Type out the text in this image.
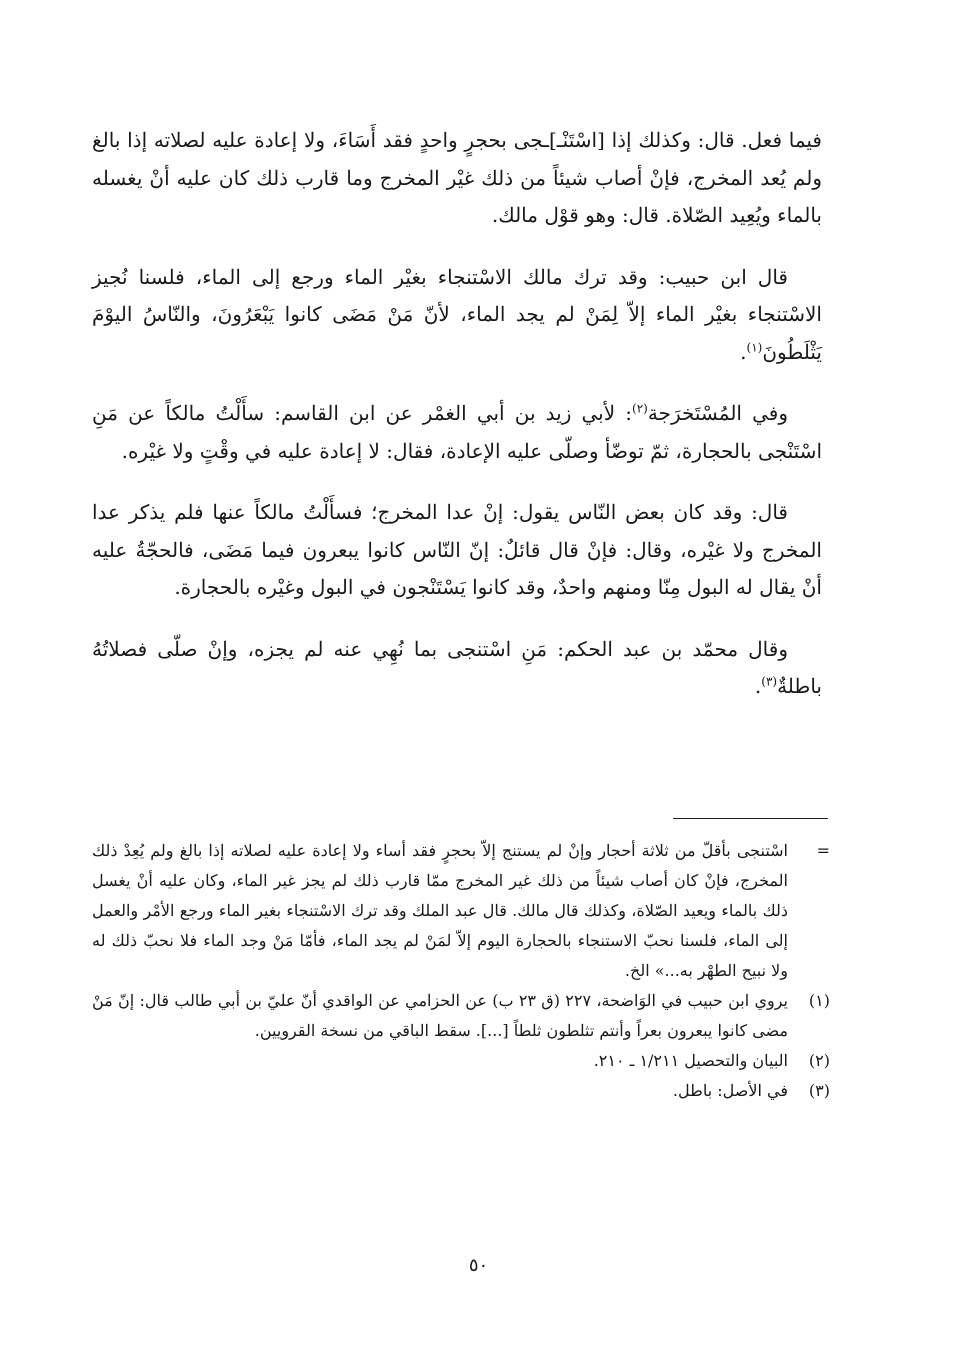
فيما فعل. قال: وكذلك إذا [اسْتَنْـ]ـجى بحجرٍ واحدٍ فقد أَسَاءَ، ولا إعادة عليه لصلاته إذا بالغ ولم يُعد المخرج، فإنْ أصاب شيئاً من ذلك غيْر المخرج وما قارب ذلك كان عليه أنْ يغسله بالماء ويُعِيد الصّلاة. قال: وهو قوْل مالك.

قال ابن حبيب: وقد ترك مالك الاسْتنجاء بغيْر الماء ورجع إلى الماء، فلسنا نُجيز الاسْتنجاء بغيْر الماء إلاّ لِمَنْ لم يجد الماء، لأنّ مَنْ مَضَى كانوا يَبْعَرُونَ، والنّاسُ اليوْمَ يَثْلَطُونَ$^{(١)}$.

وفي المُسْتَخرَجة$^{(٢)}$: لأبي زيد بن أبي الغمْر عن ابن القاسم: سأَلْتُ مالكاً عن مَنِ اسْتَنْجى بالحجارة، ثمّ توضّأ وصلّى عليه الإعادة، فقال: لا إعادة عليه في وقْتٍ ولا غيْره.

قال: وقد كان بعض النّاس يقول: إنْ عدا المخرج؛ فسأَلْتُ مالكاً عنها فلم يذكر عدا المخرج ولا غيْره، وقال: فإنْ قال قائلٌ: إنّ النّاس كانوا يبعرون فيما مَضَى، فالحجّةُ عليه أنْ يقال له البول مِنّا ومنهم واحدٌ، وقد كانوا يَسْتَنْجون في البول وغيْره بالحجارة.

وقال محمّد بن عبد الحكم: مَنِ اسْتنجى بما نُهِي عنه لم يجزه، وإنْ صلّى فصلاتُهُ باطلةٌ$^{(٣)}$.

=
اسْتنجى بأقلّ من ثلاثة أحجار وإنْ لم يستنج إلاّ بحجرٍ فقد أساء ولا إعادة عليه لصلاته إذا بالغ ولم يُعِدْ ذلك المخرج، فإنْ كان أصاب شيئاً من ذلك غير المخرج ممّا قارب ذلك لم يجز غير الماء، وكان عليه أنْ يغسل ذلك بالماء ويعيد الصّلاة، وكذلك قال مالك. قال عبد الملك وقد ترك الاسْتنجاء بغير الماء ورجع الأمْر والعمل إلى الماء، فلسنا نحبّ الاستنجاء بالحجارة اليوم إلاّ لمَنْ لم يجد الماء، فأمّا مَنْ وجد الماء فلا نحبّ ذلك له ولا نبيح الطهْر به...» الخ.
(١)
يروي ابن حبيب في الوَاضحة، ٢٢٧ (ق ٢٣ ب) عن الحزامي عن الواقدي أنّ عليّ بن أبي طالب قال: إنّ مَنْ مضى كانوا يبعرون بعراً وأنتم تثلطون ثلطاً [...]. سقط الباقي من نسخة القرويين.
(٢)
البيان والتحصيل ١/٢١١ ـ ٢١٠.
(٣)
في الأصل: باطل.
٥٠
